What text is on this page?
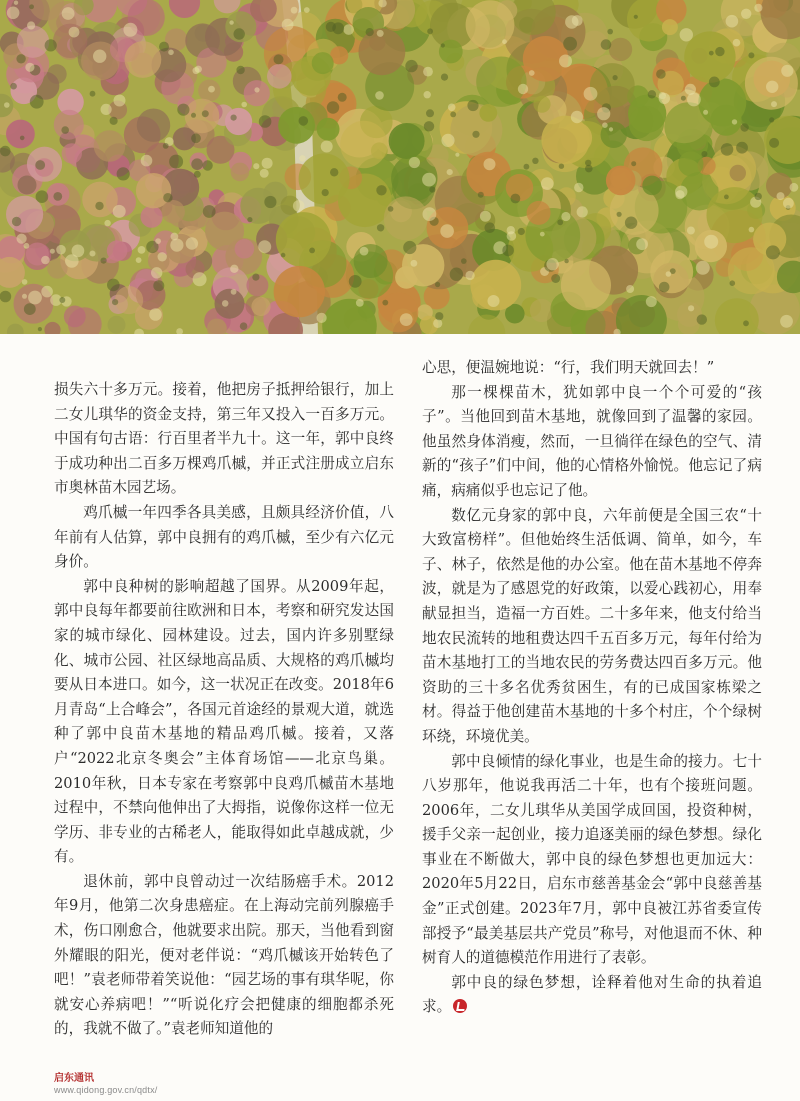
损失六十多万元。接着，他把房子抵押给银行，加上二女儿琪华的资金支持，第三年又投入一百多万元。中国有句古语：行百里者半九十。这一年，郭中良终于成功种出二百多万棵鸡爪槭，并正式注册成立启东市奥林苗木园艺场。

鸡爪槭一年四季各具美感，且颇具经济价值，八年前有人估算，郭中良拥有的鸡爪槭，至少有六亿元身价。

郭中良种树的影响超越了国界。从2009年起，郭中良每年都要前往欧洲和日本，考察和研究发达国家的城市绿化、园林建设。过去，国内许多别墅绿化、城市公园、社区绿地高品质、大规格的鸡爪槭均要从日本进口。如今，这一状况正在改变。2018年6月青岛“上合峰会”，各国元首途经的景观大道，就选种了郭中良苗木基地的精品鸡爪槭。接着，又落户“2022北京冬奥会”主体育场馆——北京鸟巢。2010年秋，日本专家在考察郭中良鸡爪槭苗木基地过程中，不禁向他伸出了大拇指，说像你这样一位无学历、非专业的古稀老人，能取得如此卓越成就，少有。

退休前，郭中良曾动过一次结肠癌手术。2012年9月，他第二次身患癌症。在上海动完前列腺癌手术，伤口刚愈合，他就要求出院。那天，当他看到窗外耀眼的阳光，便对老伴说：“鸡爪槭该开始转色了吧！”袁老师带着笑说他：“园艺场的事有琪华呢，你就安心养病吧！”“听说化疗会把健康的细胞都杀死的，我就不做了。”袁老师知道他的

心思，便温婉地说：“行，我们明天就回去！”

那一棵棵苗木，犹如郭中良一个个可爱的“孩子”。当他回到苗木基地，就像回到了温馨的家园。他虽然身体消瘦，然而，一旦徜徉在绿色的空气、清新的“孩子”们中间，他的心情格外愉悦。他忘记了病痛，病痛似乎也忘记了他。

数亿元身家的郭中良，六年前便是全国三农“十大致富榜样”。但他始终生活低调、简单，如今，车子、林子，依然是他的办公室。他在苗木基地不停奔波，就是为了感恩党的好政策，以爱心践初心，用奉献显担当，造福一方百姓。二十多年来，他支付给当地农民流转的地租费达四千五百多万元，每年付给为苗木基地打工的当地农民的劳务费达四百多万元。他资助的三十多名优秀贫困生，有的已成国家栋梁之材。得益于他创建苗木基地的十多个村庄，个个绿树环绕，环境优美。

郭中良倾情的绿化事业，也是生命的接力。七十八岁那年，他说我再活二十年，也有个接班问题。2006年，二女儿琪华从美国学成回国，投资种树，援手父亲一起创业，接力追逐美丽的绿色梦想。绿化事业在不断做大，郭中良的绿色梦想也更加远大：2020年5月22日，启东市慈善基金会“郭中良慈善基金”正式创建。2023年7月，郭中良被江苏省委宣传部授予“最美基层共产党员”称号，对他退而不休、种树育人的道德模范作用进行了表彰。

郭中良的绿色梦想，诠释着他对生命的执着追求。

启东通讯
www.qidong.gov.cn/qdtx/
